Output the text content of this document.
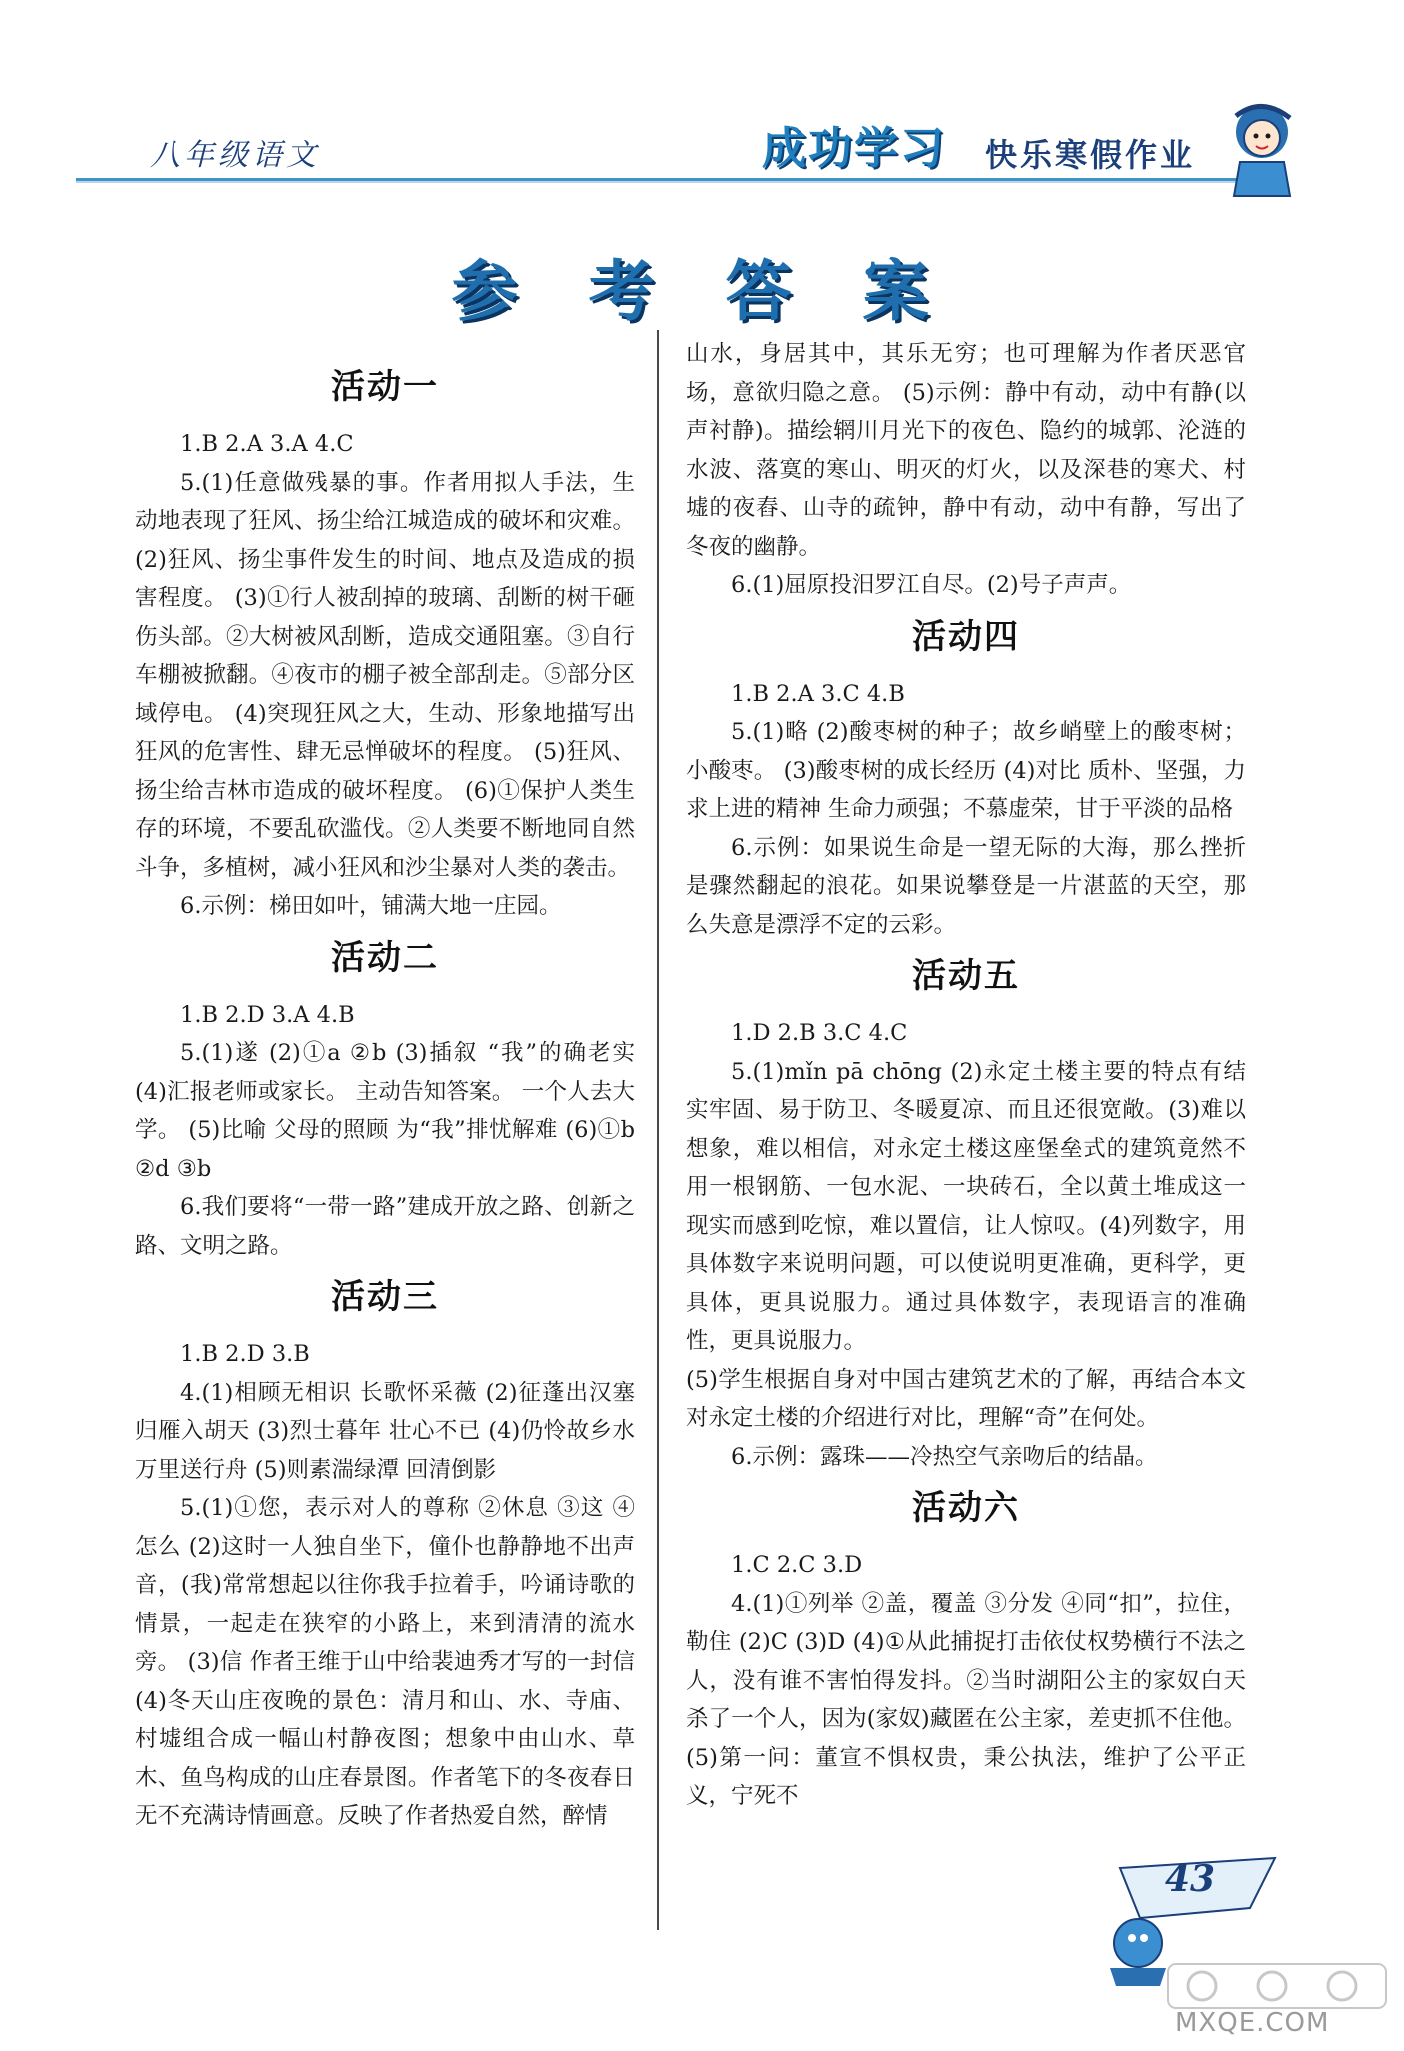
八年级语文	成功学习 快乐寒假作业
参 考 答 案
活动一

1.B 2.A 3.A 4.C

5.(1)任意做残暴的事。作者用拟人手法，生动地表现了狂风、扬尘给江城造成的破坏和灾难。(2)狂风、扬尘事件发生的时间、地点及造成的损害程度。 (3)①行人被刮掉的玻璃、刮断的树干砸伤头部。②大树被风刮断，造成交通阻塞。③自行车棚被掀翻。④夜市的棚子被全部刮走。⑤部分区域停电。 (4)突现狂风之大，生动、形象地描写出狂风的危害性、肆无忌惮破坏的程度。 (5)狂风、扬尘给吉林市造成的破坏程度。 (6)①保护人类生存的环境，不要乱砍滥伐。②人类要不断地同自然斗争，多植树，减小狂风和沙尘暴对人类的袭击。

6.示例：梯田如叶，铺满大地一庄园。

活动二

1.B 2.D 3.A 4.B

5.(1)遂 (2)①a ②b (3)插叙 “我”的确老实 (4)汇报老师或家长。 主动告知答案。 一个人去大学。 (5)比喻 父母的照顾 为“我”排忧解难 (6)①b ②d ③b

6.我们要将“一带一路”建成开放之路、创新之路、文明之路。

活动三

1.B 2.D 3.B

4.(1)相顾无相识 长歌怀采薇 (2)征蓬出汉塞 归雁入胡天 (3)烈士暮年 壮心不已 (4)仍怜故乡水 万里送行舟 (5)则素湍绿潭 回清倒影

5.(1)①您，表示对人的尊称 ②休息 ③这 ④怎么 (2)这时一人独自坐下，僮仆也静静地不出声音，(我)常常想起以往你我手拉着手，吟诵诗歌的情景，一起走在狭窄的小路上，来到清清的流水旁。 (3)信 作者王维于山中给裴迪秀才写的一封信 (4)冬天山庄夜晚的景色：清月和山、水、寺庙、村墟组合成一幅山村静夜图；想象中由山水、草木、鱼鸟构成的山庄春景图。作者笔下的冬夜春日无不充满诗情画意。反映了作者热爱自然，醉情

山水，身居其中，其乐无穷；也可理解为作者厌恶官场，意欲归隐之意。 (5)示例：静中有动，动中有静(以声衬静)。描绘辋川月光下的夜色、隐约的城郭、沦涟的水波、落寞的寒山、明灭的灯火，以及深巷的寒犬、村墟的夜舂、山寺的疏钟，静中有动，动中有静，写出了冬夜的幽静。

6.(1)屈原投汨罗江自尽。(2)号子声声。

活动四

1.B 2.A 3.C 4.B

5.(1)略 (2)酸枣树的种子；故乡峭壁上的酸枣树；小酸枣。 (3)酸枣树的成长经历 (4)对比 质朴、坚强，力求上进的精神 生命力顽强；不慕虚荣，甘于平淡的品格

6.示例：如果说生命是一望无际的大海，那么挫折是骤然翻起的浪花。如果说攀登是一片湛蓝的天空，那么失意是漂浮不定的云彩。

活动五

1.D 2.B 3.C 4.C

5.(1)mǐn pā chōng (2)永定土楼主要的特点有结实牢固、易于防卫、冬暖夏凉、而且还很宽敞。(3)难以想象，难以相信，对永定土楼这座堡垒式的建筑竟然不用一根钢筋、一包水泥、一块砖石，全以黄土堆成这一现实而感到吃惊，难以置信，让人惊叹。(4)列数字，用具体数字来说明问题，可以使说明更准确，更科学，更具体，更具说服力。通过具体数字，表现语言的准确性，更具说服力。

(5)学生根据自身对中国古建筑艺术的了解，再结合本文对永定土楼的介绍进行对比，理解“奇”在何处。

6.示例：露珠——冷热空气亲吻后的结晶。

活动六

1.C 2.C 3.D

4.(1)①列举 ②盖，覆盖 ③分发 ④同“扣”，拉住，勒住 (2)C (3)D (4)①从此捕捉打击依仗权势横行不法之人，没有谁不害怕得发抖。②当时湖阳公主的家奴白天杀了一个人，因为(家奴)藏匿在公主家，差吏抓不住他。 (5)第一问：董宣不惧权贵，秉公执法，维护了公平正义，宁死不

43
MXQE.COM
